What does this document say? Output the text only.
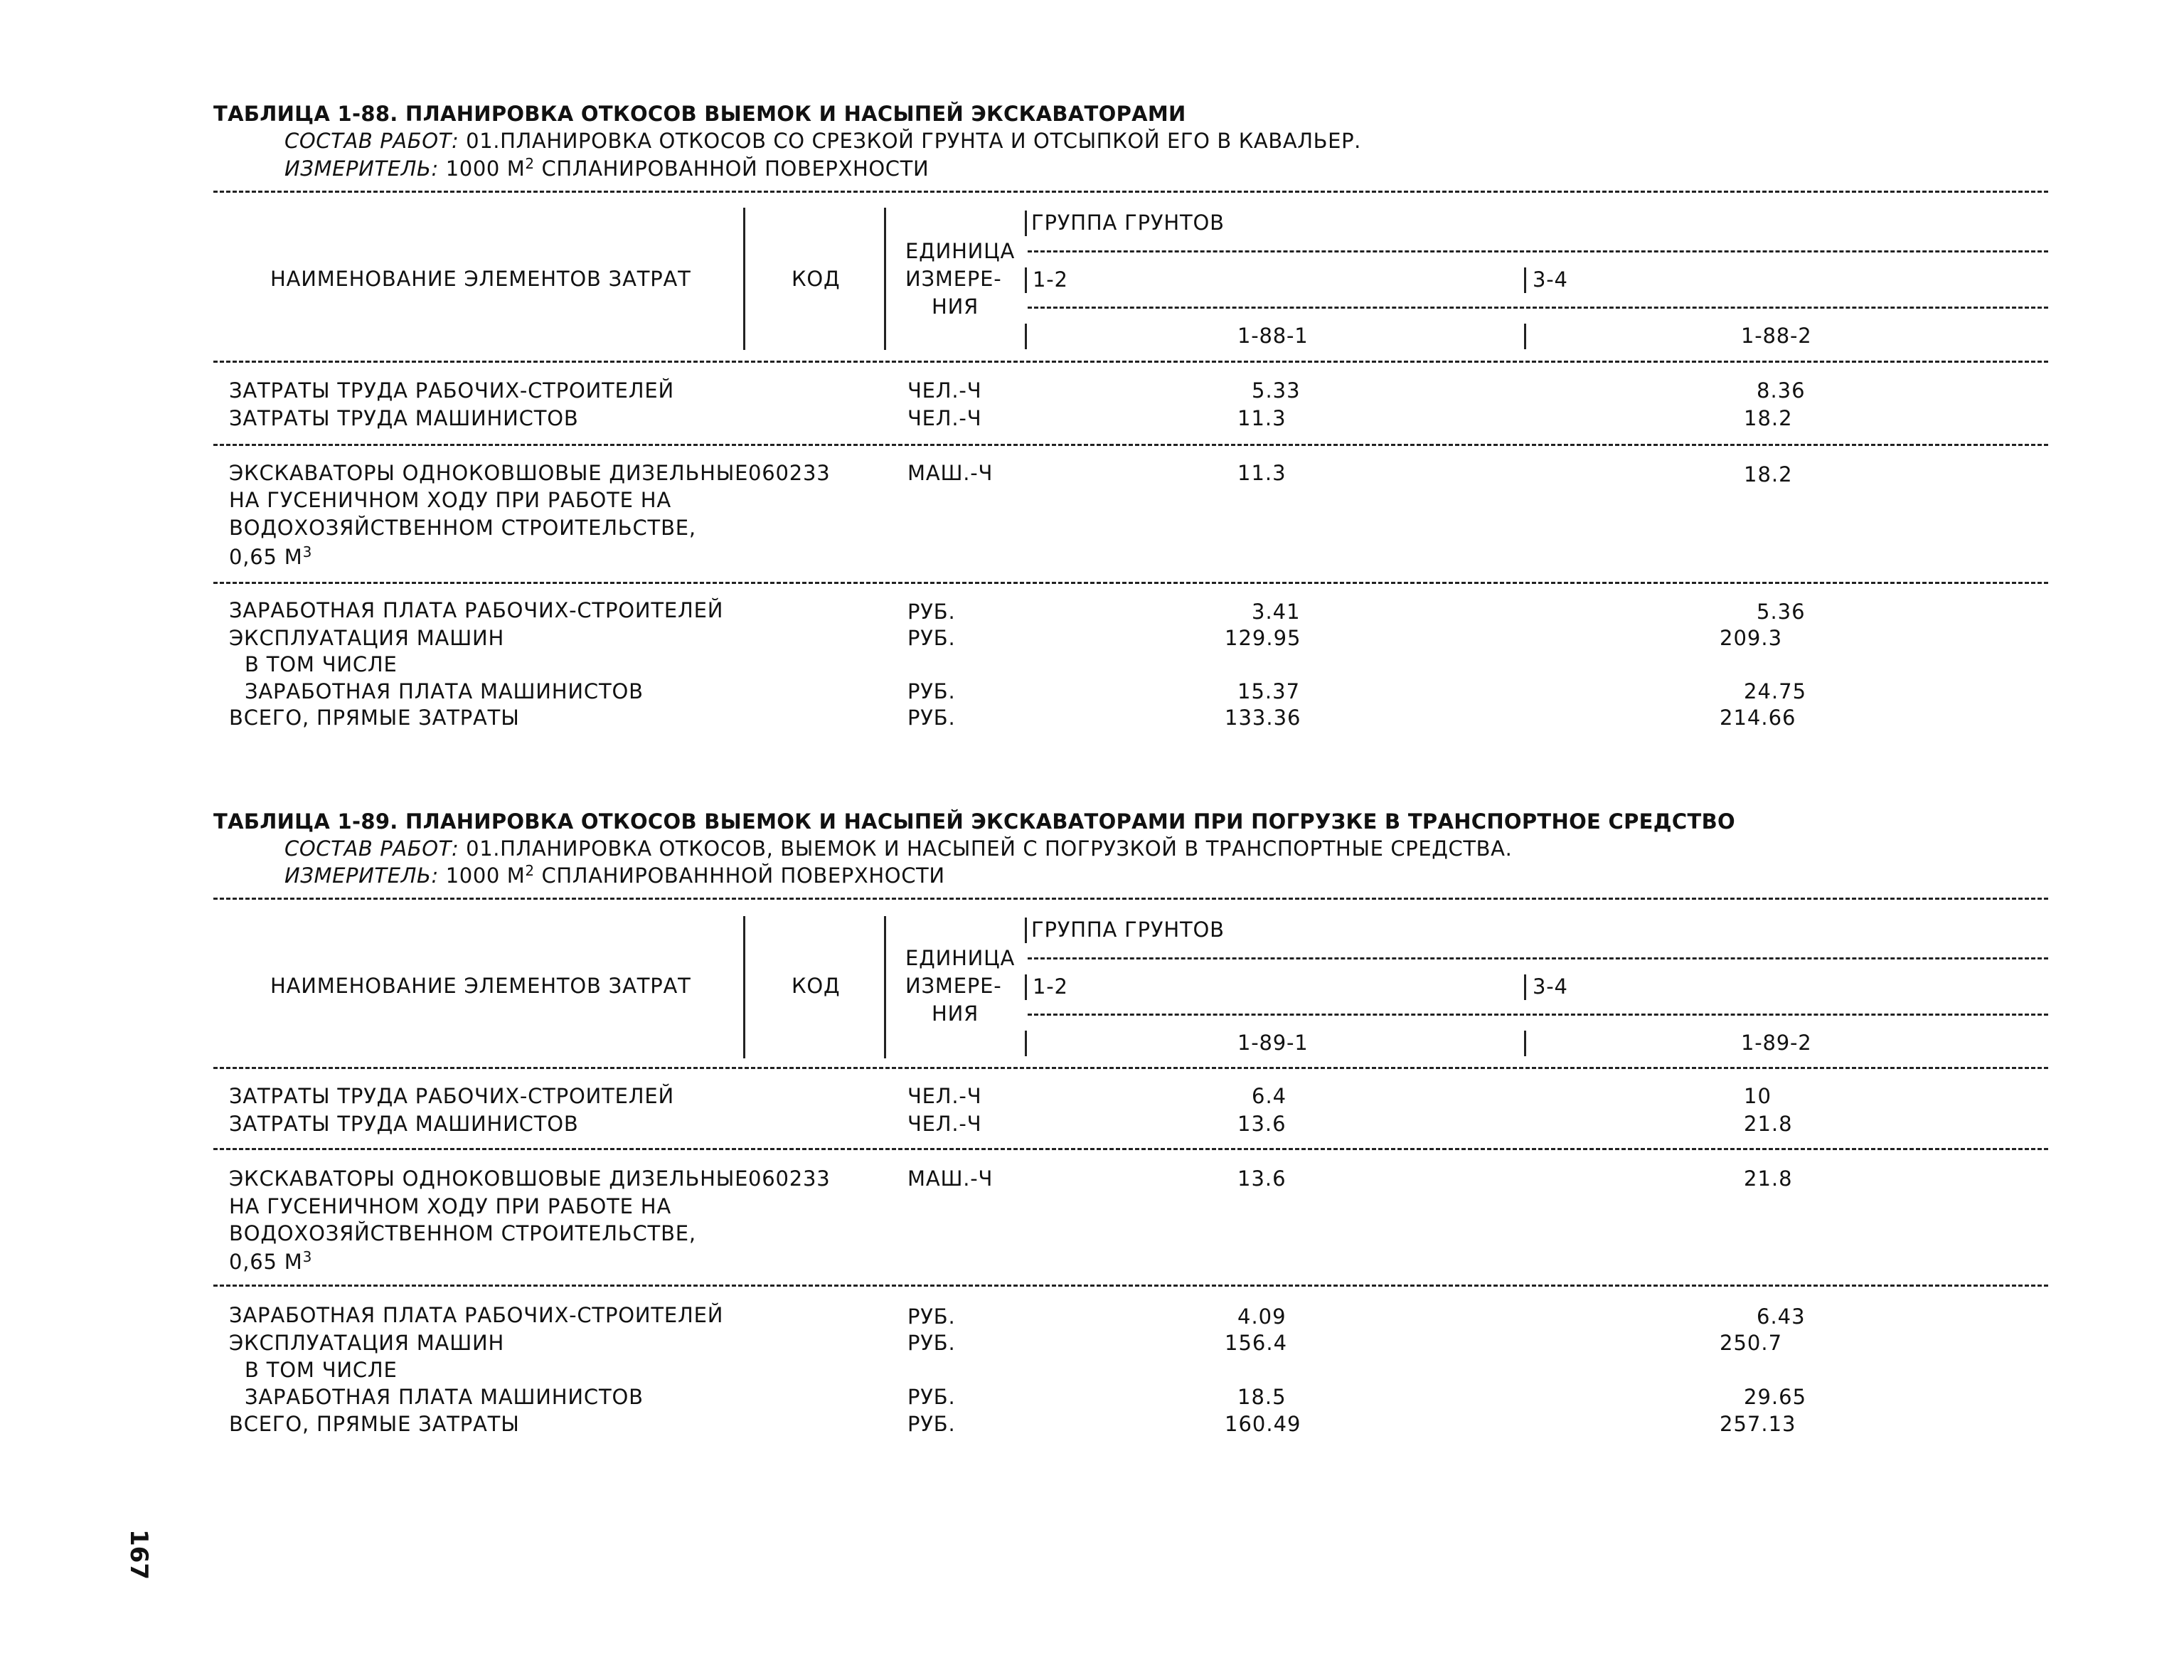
ТАБЛИЦА 1-88. ПЛАНИРОВКА ОТКОСОВ ВЫЕМОК И НАСЫПЕЙ ЭКСКАВАТОРАМИ
СОСТАВ РАБОТ: 01.ПЛАНИРОВКА ОТКОСОВ СО СРЕЗКОЙ ГРУНТА И ОТСЫПКОЙ ЕГО В КАВАЛЬЕР.
ИЗМЕРИТЕЛЬ: 1000 $М^2$ СПЛАНИРОВАННОЙ ПОВЕРХНОСТИ
ГРУППА ГРУНТОВ
НАИМЕНОВАНИЕ ЭЛЕМЕНТОВ ЗАТРАТ	КОД
ЕДИНИЦА
ИЗМЕРЕ-
НИЯ
1-2	3-4
1-88-1	1-88-2
ЗАТРАТЫ ТРУДА РАБОЧИХ-СТРОИТЕЛЕЙ	ЧЕЛ.-Ч	5.33	8.36
ЗАТРАТЫ ТРУДА МАШИНИСТОВ	ЧЕЛ.-Ч	11.3	18.2
ЭКСКАВАТОРЫ ОДНОКОВШОВЫЕ ДИЗЕЛЬНЫЕ 060233	МАШ.-Ч	11.3	18.2
НА ГУСЕНИЧНОМ ХОДУ ПРИ РАБОТЕ НА
ВОДОХОЗЯЙСТВЕННОМ СТРОИТЕЛЬСТВЕ,
0,65 $М^3$
ЗАРАБОТНАЯ ПЛАТА РАБОЧИХ-СТРОИТЕЛЕЙ	РУБ.	3.41	5.36
ЭКСПЛУАТАЦИЯ МАШИН	РУБ.	129.95	209.3
В ТОМ ЧИСЛЕ
ЗАРАБОТНАЯ ПЛАТА МАШИНИСТОВ	РУБ.	15.37	24.75
ВСЕГО, ПРЯМЫЕ ЗАТРАТЫ	РУБ.	133.36	214.66
ТАБЛИЦА 1-89. ПЛАНИРОВКА ОТКОСОВ ВЫЕМОК И НАСЫПЕЙ ЭКСКАВАТОРАМИ ПРИ ПОГРУЗКЕ В ТРАНСПОРТНОЕ СРЕДСТВО
СОСТАВ РАБОТ: 01.ПЛАНИРОВКА ОТКОСОВ, ВЫЕМОК И НАСЫПЕЙ С ПОГРУЗКОЙ В ТРАНСПОРТНЫЕ СРЕДСТВА.
ИЗМЕРИТЕЛЬ: 1000 $М^2$ СПЛАНИРОВАНННОЙ ПОВЕРХНОСТИ
ГРУППА ГРУНТОВ
НАИМЕНОВАНИЕ ЭЛЕМЕНТОВ ЗАТРАТ	КОД
ЕДИНИЦА
ИЗМЕРЕ-
НИЯ
1-2	3-4
1-89-1	1-89-2
ЗАТРАТЫ ТРУДА РАБОЧИХ-СТРОИТЕЛЕЙ	ЧЕЛ.-Ч	6.4	10
ЗАТРАТЫ ТРУДА МАШИНИСТОВ	ЧЕЛ.-Ч	13.6	21.8
ЭКСКАВАТОРЫ ОДНОКОВШОВЫЕ ДИЗЕЛЬНЫЕ 060233	МАШ.-Ч	13.6	21.8
НА ГУСЕНИЧНОМ ХОДУ ПРИ РАБОТЕ НА
ВОДОХОЗЯЙСТВЕННОМ СТРОИТЕЛЬСТВЕ,
0,65 $М^3$
ЗАРАБОТНАЯ ПЛАТА РАБОЧИХ-СТРОИТЕЛЕЙ	РУБ.	4.09	6.43
ЭКСПЛУАТАЦИЯ МАШИН	РУБ.	156.4	250.7
В ТОМ ЧИСЛЕ
ЗАРАБОТНАЯ ПЛАТА МАШИНИСТОВ	РУБ.	18.5	29.65
ВСЕГО, ПРЯМЫЕ ЗАТРАТЫ	РУБ.	160.49	257.13
167
